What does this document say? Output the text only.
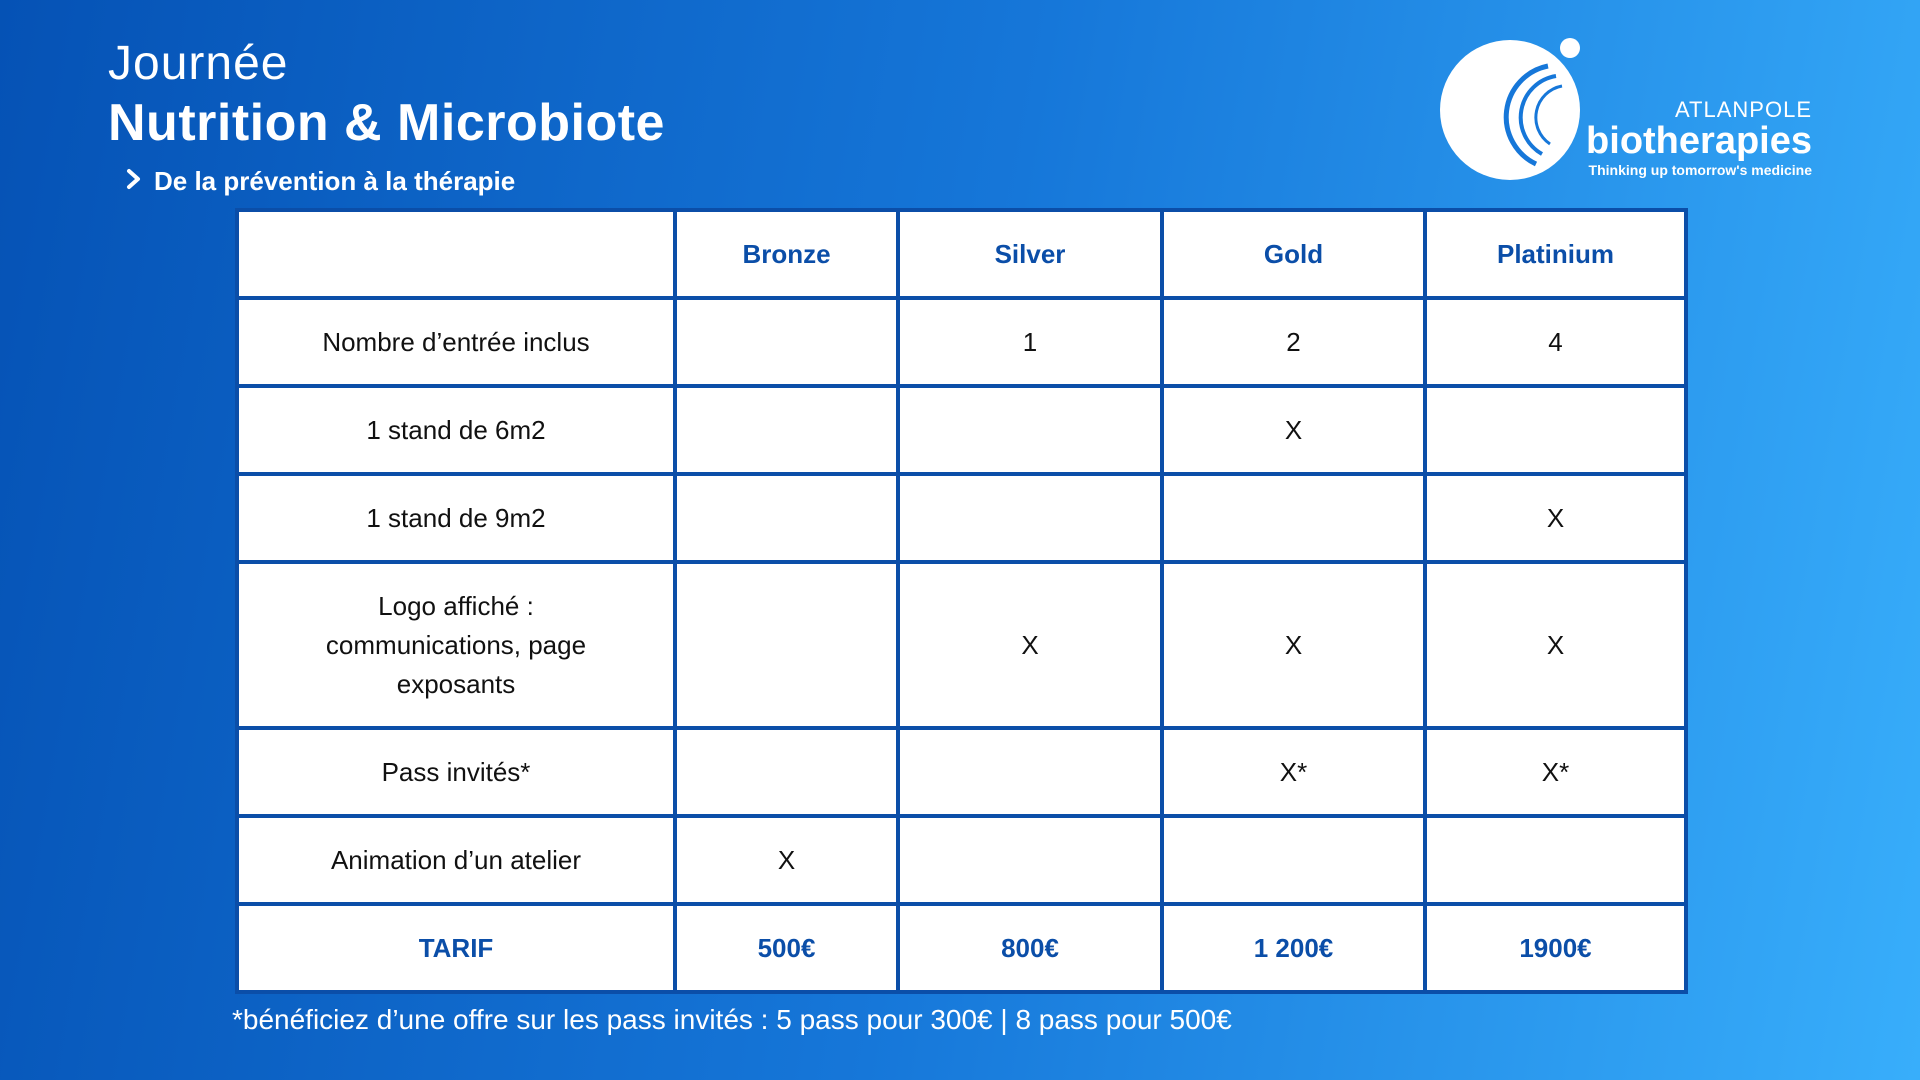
Journée
Nutrition & Microbiote
De la prévention à la thérapie
ATLANPOLE
biotherapies
Thinking up tomorrow's medicine
	Bronze	Silver	Gold	Platinium
Nombre d’entrée inclus		1	2	4
1 stand de 6m2			X	
1 stand de 9m2				X
Logo affiché : communications, page exposants		X	X	X
Pass invités*			X*	X*
Animation d’un atelier	X			
TARIF	500€	800€	1 200€	1900€
*bénéficiez d’une offre sur les pass invités : 5 pass pour 300€ | 8 pass pour 500€
